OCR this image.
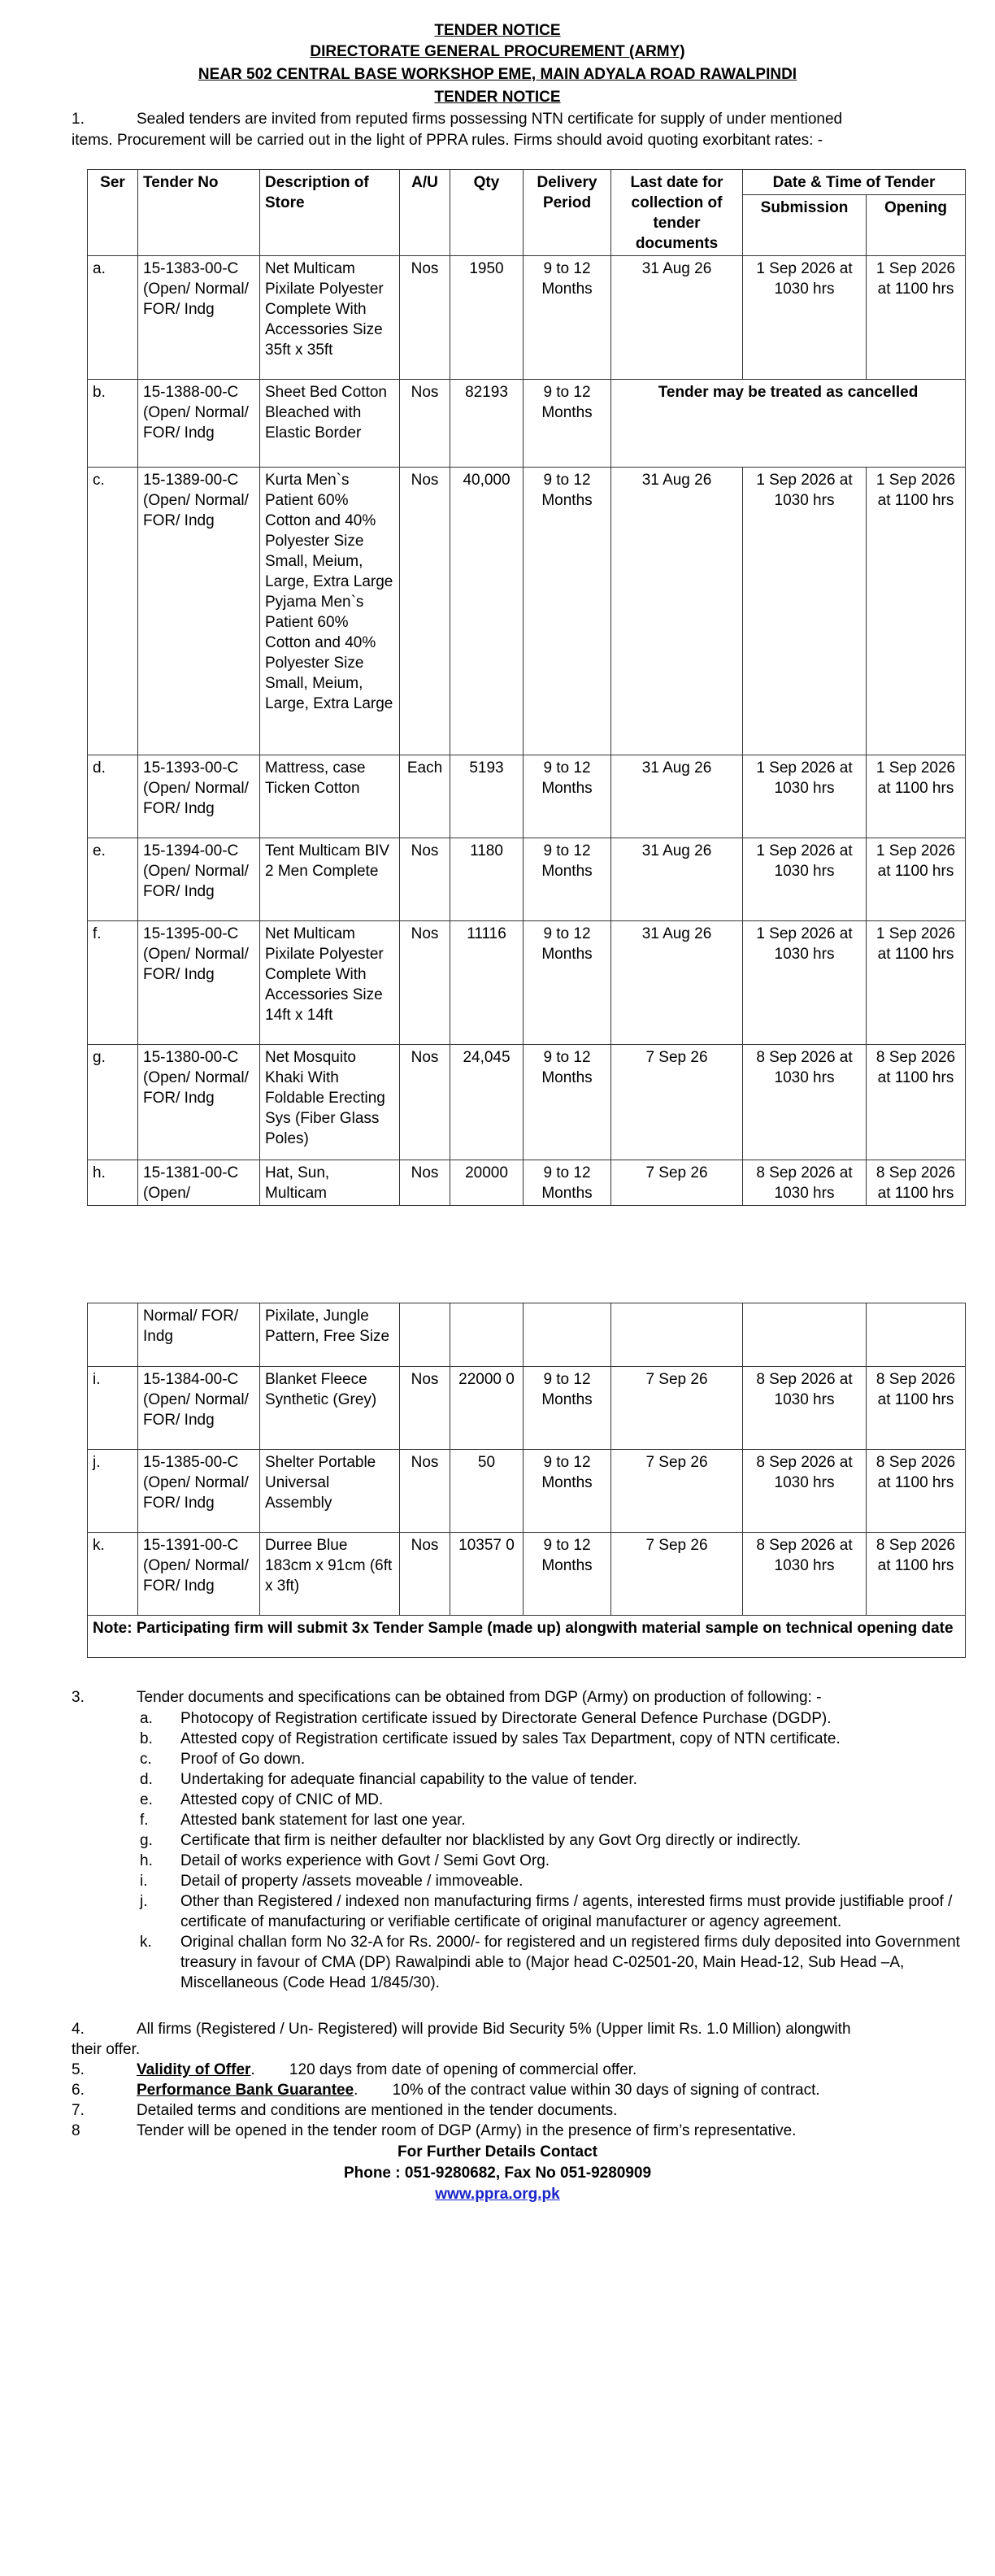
TENDER NOTICE
DIRECTORATE GENERAL PROCUREMENT (ARMY)
NEAR 502 CENTRAL BASE WORKSHOP EME, MAIN ADYALA ROAD RAWALPINDI
TENDER NOTICE
1.	Sealed tenders are invited from reputed firms possessing NTN certificate for supply of under mentioned
items. Procurement will be carried out in the light of PPRA rules. Firms should avoid quoting exorbitant rates: -
Ser	Tender No	Description of Store	A/U	Qty	Delivery Period	Last date for collection of tender documents	Date & Time of Tender	
							Submission	Opening
a.	15-1383-00-C (Open/ Normal/ FOR/ Indg	Net Multicam Pixilate Polyester Complete With Accessories Size 35ft x 35ft	Nos	1950	9 to 12 Months	31 Aug 26	1 Sep 2026 at 1030 hrs	1 Sep 2026 at 1100 hrs
b.	15-1388-00-C (Open/ Normal/ FOR/ Indg	Sheet Bed Cotton Bleached with Elastic Border	Nos	82193	9 to 12 Months	Tender may be treated as cancelled		
c.	15-1389-00-C (Open/ Normal/ FOR/ Indg	Kurta Men`s Patient 60% Cotton and 40% Polyester Size Small, Meium, Large, Extra Large Pyjama Men`s Patient 60% Cotton and 40% Polyester Size Small, Meium, Large, Extra Large	Nos	40,000	9 to 12 Months	31 Aug 26	1 Sep 2026 at 1030 hrs	1 Sep 2026 at 1100 hrs
d.	15-1393-00-C (Open/ Normal/ FOR/ Indg	Mattress, case Ticken Cotton	Each	5193	9 to 12 Months	31 Aug 26	1 Sep 2026 at 1030 hrs	1 Sep 2026 at 1100 hrs
e.	15-1394-00-C (Open/ Normal/ FOR/ Indg	Tent Multicam BIV 2 Men Complete	Nos	1180	9 to 12 Months	31 Aug 26	1 Sep 2026 at 1030 hrs	1 Sep 2026 at 1100 hrs
f.	15-1395-00-C (Open/ Normal/ FOR/ Indg	Net Multicam Pixilate Polyester Complete With Accessories Size 14ft x 14ft	Nos	11116	9 to 12 Months	31 Aug 26	1 Sep 2026 at 1030 hrs	1 Sep 2026 at 1100 hrs
g.	15-1380-00-C (Open/ Normal/ FOR/ Indg	Net Mosquito Khaki With Foldable Erecting Sys (Fiber Glass Poles)	Nos	24,045	9 to 12 Months	7 Sep 26	8 Sep 2026 at 1030 hrs	8 Sep 2026 at 1100 hrs
h.	15-1381-00-C (Open/	Hat, Sun, Multicam	Nos	20000	9 to 12 Months	7 Sep 26	8 Sep 2026 at 1030 hrs	8 Sep 2026 at 1100 hrs
	Normal/ FOR/ Indg	Pixilate, Jungle Pattern, Free Size						
i.	15-1384-00-C (Open/ Normal/ FOR/ Indg	Blanket Fleece Synthetic (Grey)	Nos	22000 0	9 to 12 Months	7 Sep 26	8 Sep 2026 at 1030 hrs	8 Sep 2026 at 1100 hrs
j.	15-1385-00-C (Open/ Normal/ FOR/ Indg	Shelter Portable Universal Assembly	Nos	50	9 to 12 Months	7 Sep 26	8 Sep 2026 at 1030 hrs	8 Sep 2026 at 1100 hrs
k.	15-1391-00-C (Open/ Normal/ FOR/ Indg	Durree Blue 183cm x 91cm (6ft x 3ft)	Nos	10357 0	9 to 12 Months	7 Sep 26	8 Sep 2026 at 1030 hrs	8 Sep 2026 at 1100 hrs
Note: Participating firm will submit 3x Tender Sample (made up) alongwith material sample on technical opening date								
3.	Tender documents and specifications can be obtained from DGP (Army) on production of following: -
a. Photocopy of Registration certificate issued by Directorate General Defence Purchase (DGDP).
b. Attested copy of Registration certificate issued by sales Tax Department, copy of NTN certificate.
c. Proof of Go down.
d. Undertaking for adequate financial capability to the value of tender.
e. Attested copy of CNIC of MD.
f. Attested bank statement for last one year.
g. Certificate that firm is neither defaulter nor blacklisted by any Govt Org directly or indirectly.
h. Detail of works experience with Govt / Semi Govt Org.
i. Detail of property /assets moveable / immoveable.
j. Other than Registered / indexed non manufacturing firms / agents, interested firms must provide justifiable proof / certificate of manufacturing or verifiable certificate of original manufacturer or agency agreement.
k. Original challan form No 32-A for Rs. 2000/- for registered and un registered firms duly deposited into Government treasury in favour of CMA (DP) Rawalpindi able to (Major head C-02501-20, Main Head-12, Sub Head –A, Miscellaneous (Code Head 1/845/30).
4.	All firms (Registered / Un- Registered) will provide Bid Security 5% (Upper limit Rs. 1.0 Million) alongwith
their offer.
5.	Validity of Offer.        120 days from date of opening of commercial offer.
6.	Performance Bank Guarantee.        10% of the contract value within 30 days of signing of contract.
7.	Detailed terms and conditions are mentioned in the tender documents.
8	Tender will be opened in the tender room of DGP (Army) in the presence of firm’s representative.
For Further Details Contact
Phone : 051-9280682, Fax No 051-9280909
www.ppra.org.pk
